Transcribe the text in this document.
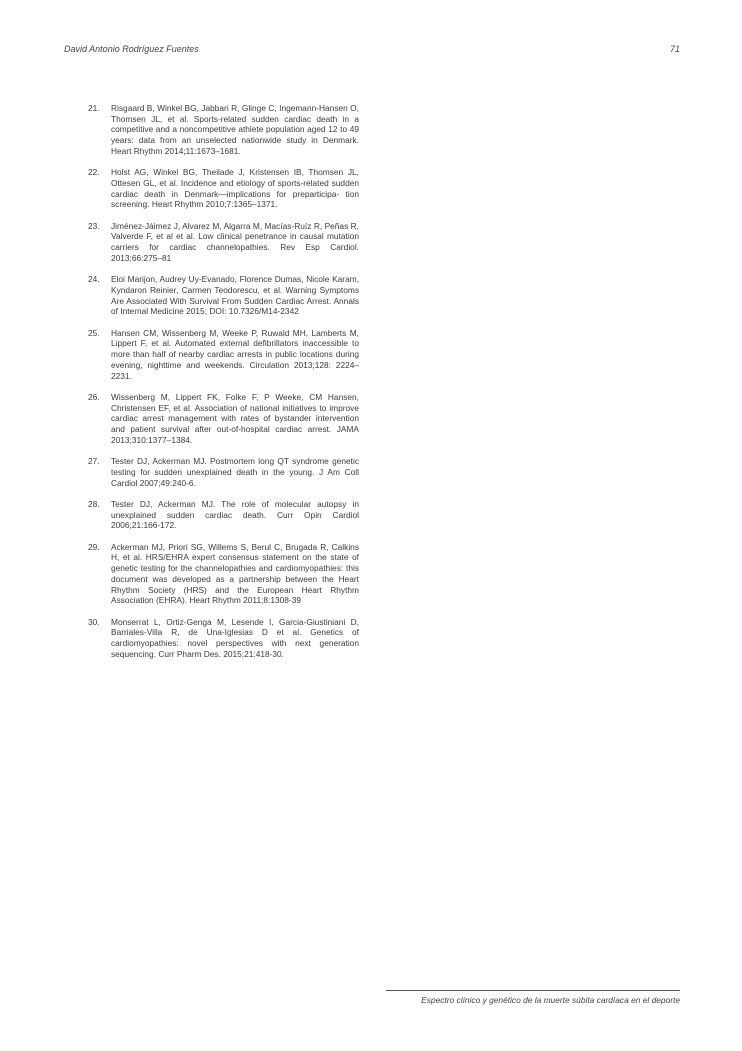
David Antonio Rodríguez Fuentes	71
21. Risgaard B, Winkel BG, Jabbari R, Glinge C, Ingemann-Hansen O, Thomsen JL, et al. Sports-related sudden cardiac death in a competitive and a noncompetitive athlete population aged 12 to 49 years: data from an unselected nationwide study in Denmark. Heart Rhythm 2014;11:1673–1681.
22. Holst AG, Winkel BG, Theilade J, Kristensen IB, Thomsen JL, Ottesen GL, et al. Incidence and etiology of sports-related sudden cardiac death in Denmark—implications for preparticipa- tion screening. Heart Rhythm 2010;7:1365–1371.
23. Jiménez-Jáimez J, Alvarez M, Algarra M, Macías-Ruíz R, Peñas R, Valverde F, et al et al. Low clinical penetrance in causal mutation carriers for cardiac channelopathies. Rev Esp Cardiol. 2013;66:275–81
24. Eloi Marijon, Audrey Uy-Evanado, Florence Dumas, Nicole Karam, Kyndaron Reinier, Carmen Teodorescu, et al. Warning Symptoms Are Associated With Survival From Sudden Cardiac Arrest. Annals of Internal Medicine 2015; DOI: 10.7326/M14-2342
25. Hansen CM, Wissenberg M, Weeke P, Ruwald MH, Lamberts M, Lippert F, et al. Automated external defibrillators inaccessible to more than half of nearby cardiac arrests in public locations during evening, nighttime and weekends. Circulation 2013;128: 2224–2231.
26. Wissenberg M, Lippert FK, Folke F, P Weeke, CM Hansen, Christensen EF, et al. Association of national initiatives to improve cardiac arrest management with rates of bystander intervention and patient survival after out-of-hospital cardiac arrest. JAMA 2013;310:1377–1384.
27. Tester DJ, Ackerman MJ. Postmortem long QT syndrome genetic testing for sudden unexplained death in the young. J Am Coll Cardiol 2007;49:240-6.
28. Tester DJ, Ackerman MJ. The role of molecular autopsy in unexplained sudden cardiac death. Curr Opin Cardiol 2006;21:166-172.
29. Ackerman MJ, Priori SG, Willems S, Berul C, Brugada R, Calkins H, et al. HRS/EHRA expert consensus statement on the state of genetic testing for the channelopathies and cardiomyopathies: this document was developed as a partnership between the Heart Rhythm Society (HRS) and the European Heart Rhythm Association (EHRA). Heart Rhythm 2011;8:1308-39
30. Monserrat L, Ortiz-Genga M, Lesende I, Garcia-Giustiniani D, Barriales-Villa R, de Una-Iglesias D et al. Genetics of cardiomyopathies: novel perspectives with next generation sequencing. Curr Pharm Des. 2015;21:418-30.
Espectro clínico y genético de la muerte súbita cardíaca en el deporte
